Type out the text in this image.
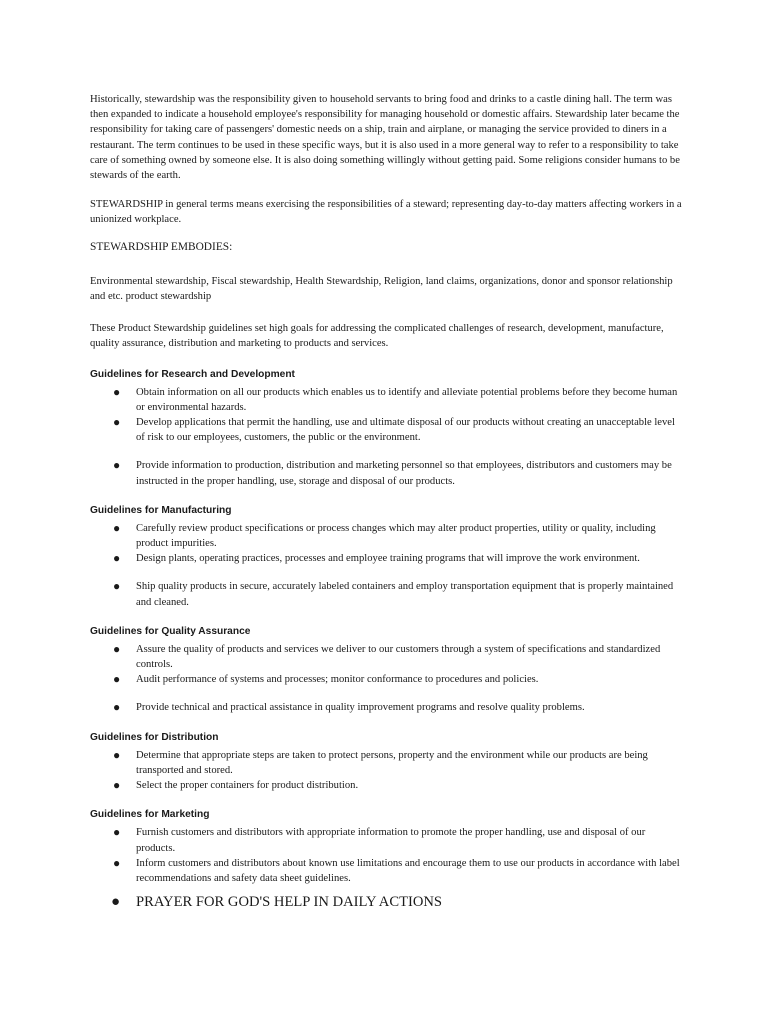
Historically, stewardship was the responsibility given to household servants to bring food and drinks to a castle dining hall. The term was then expanded to indicate a household employee's responsibility for managing household or domestic affairs. Stewardship later became the responsibility for taking care of passengers' domestic needs on a ship, train and airplane, or managing the service provided to diners in a restaurant. The term continues to be used in these specific ways, but it is also used in a more general way to refer to a responsibility to take care of something owned by someone else. It is also doing something willingly without getting paid. Some religions consider humans to be stewards of the earth.

STEWARDSHIP in general terms means exercising the responsibilities of a steward; representing day-to-day matters affecting workers in a unionized workplace.

STEWARDSHIP EMBODIES:

Environmental stewardship, Fiscal stewardship, Health Stewardship, Religion, land claims, organizations, donor and sponsor relationship and etc. product stewardship

These Product Stewardship guidelines set high goals for addressing the complicated challenges of research, development, manufacture, quality assurance, distribution and marketing to products and services.

Guidelines for Research and Development

● Obtain information on all our products which enables us to identify and alleviate potential problems before they become human or environmental hazards.
● Develop applications that permit the handling, use and ultimate disposal of our products without creating an unacceptable level of risk to our employees, customers, the public or the environment.
● Provide information to production, distribution and marketing personnel so that employees, distributors and customers may be instructed in the proper handling, use, storage and disposal of our products.

Guidelines for Manufacturing

● Carefully review product specifications or process changes which may alter product properties, utility or quality, including product impurities.
● Design plants, operating practices, processes and employee training programs that will improve the work environment.
● Ship quality products in secure, accurately labeled containers and employ transportation equipment that is properly maintained and cleaned.

Guidelines for Quality Assurance

● Assure the quality of products and services we deliver to our customers through a system of specifications and standardized controls.
● Audit performance of systems and processes; monitor conformance to procedures and policies.
● Provide technical and practical assistance in quality improvement programs and resolve quality problems.

Guidelines for Distribution

● Determine that appropriate steps are taken to protect persons, property and the environment while our products are being transported and stored.
● Select the proper containers for product distribution.

Guidelines for Marketing

● Furnish customers and distributors with appropriate information to promote the proper handling, use and disposal of our products.
● Inform customers and distributors about known use limitations and encourage them to use our products in accordance with label recommendations and safety data sheet guidelines.
● PRAYER FOR GOD'S HELP IN DAILY ACTIONS
